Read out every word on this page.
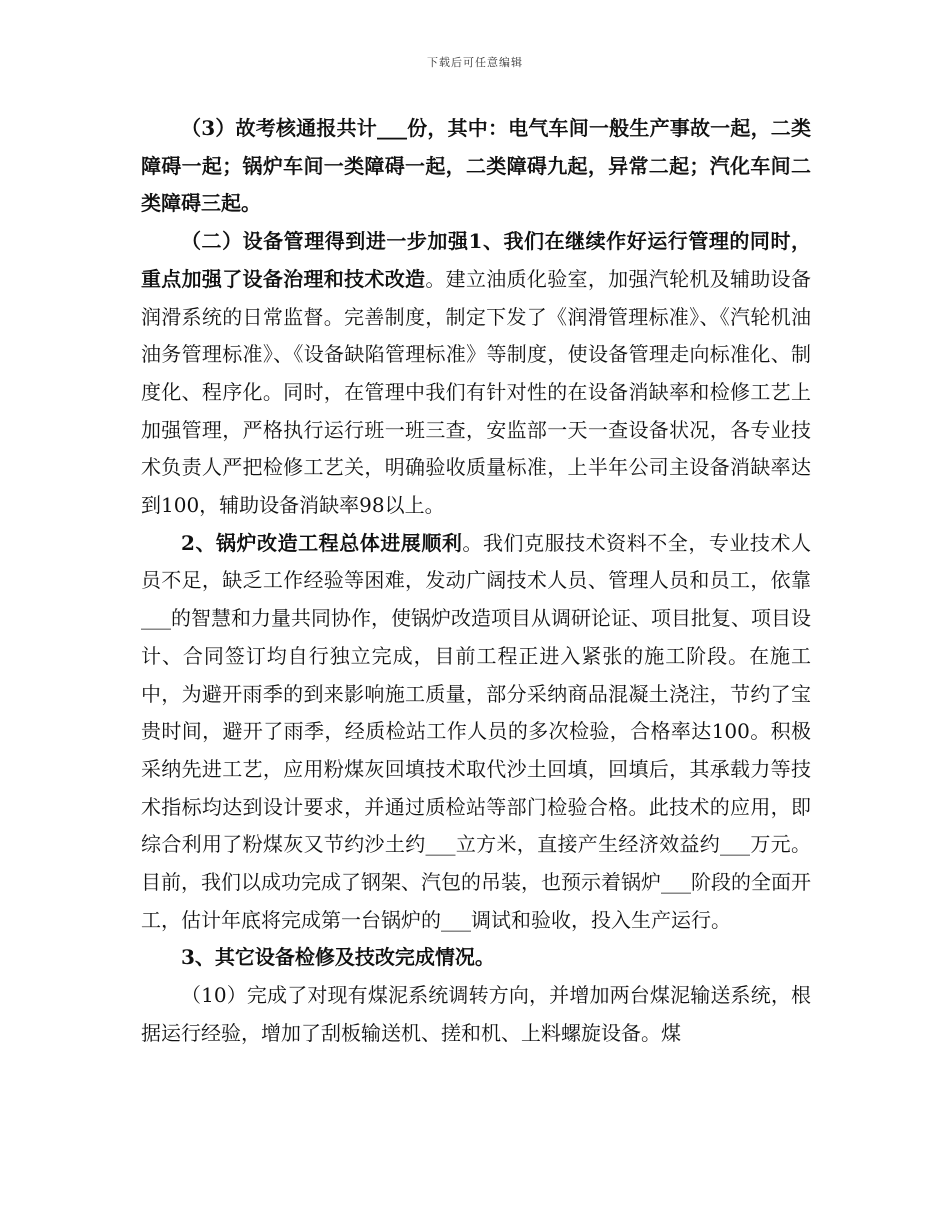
下载后可任意编辑

（3）故考核通报共计___份，其中：电气车间一般生产事故一起，二类障碍一起；锅炉车间一类障碍一起，二类障碍九起，异常二起；汽化车间二类障碍三起。

（二）设备管理得到进一步加强1、我们在继续作好运行管理的同时，重点加强了设备治理和技术改造。建立油质化验室，加强汽轮机及辅助设备润滑系统的日常监督。完善制度，制定下发了《润滑管理标准》、《汽轮机油油务管理标准》、《设备缺陷管理标准》等制度，使设备管理走向标准化、制度化、程序化。同时，在管理中我们有针对性的在设备消缺率和检修工艺上加强管理，严格执行运行班一班三查，安监部一天一查设备状况，各专业技术负责人严把检修工艺关，明确验收质量标准，上半年公司主设备消缺率达到100，辅助设备消缺率98以上。

2、锅炉改造工程总体进展顺利。我们克服技术资料不全，专业技术人员不足，缺乏工作经验等困难，发动广阔技术人员、管理人员和员工，依靠___的智慧和力量共同协作，使锅炉改造项目从调研论证、项目批复、项目设计、合同签订均自行独立完成，目前工程正进入紧张的施工阶段。在施工中，为避开雨季的到来影响施工质量，部分采纳商品混凝土浇注，节约了宝贵时间，避开了雨季，经质检站工作人员的多次检验，合格率达100。积极采纳先进工艺，应用粉煤灰回填技术取代沙土回填，回填后，其承载力等技术指标均达到设计要求，并通过质检站等部门检验合格。此技术的应用，即综合利用了粉煤灰又节约沙土约___立方米，直接产生经济效益约___万元。目前，我们以成功完成了钢架、汽包的吊装，也预示着锅炉___阶段的全面开工，估计年底将完成第一台锅炉的___调试和验收，投入生产运行。

3、其它设备检修及技改完成情况。

（10）完成了对现有煤泥系统调转方向，并增加两台煤泥输送系统，根据运行经验，增加了刮板输送机、搓和机、上料螺旋设备。煤
